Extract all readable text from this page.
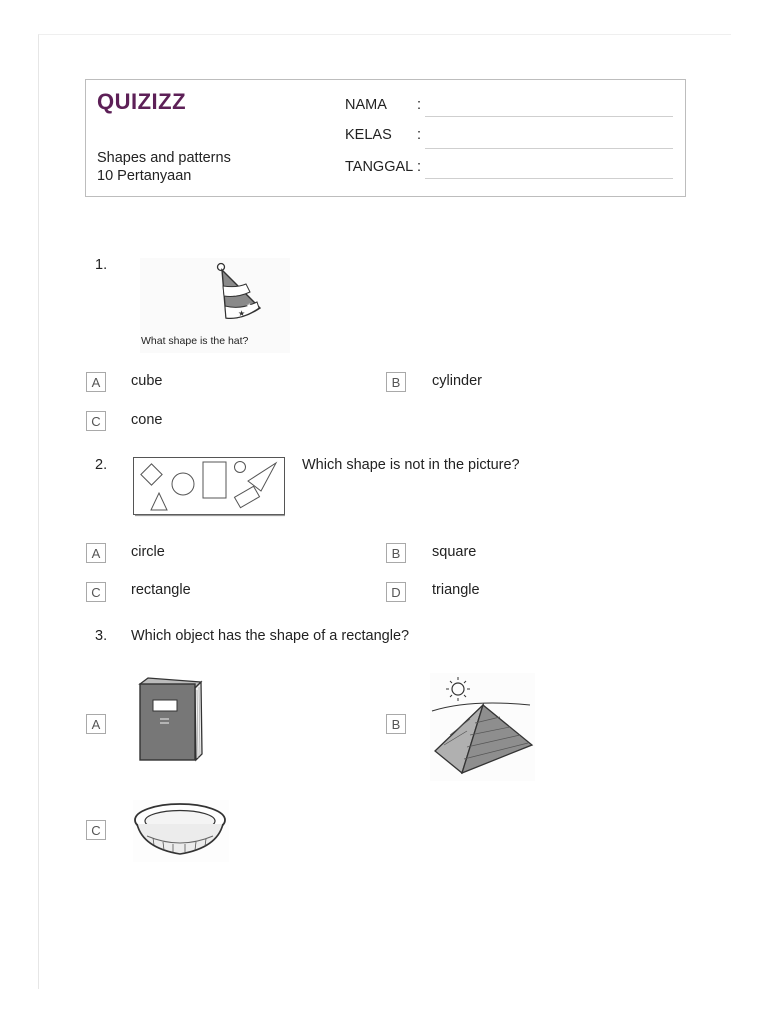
QUIZIZZ
Shapes and patterns
10 Pertanyaan
NAMA :
KELAS :
TANGGAL :
1.
★
★
★
What shape is the hat?
A	cube	B	cylinder
C	cone
2.	Which shape is not in the picture?
A	circle	B	square
C	rectangle	D	triangle
3. Which object has the shape of a rectangle?
A	B
C
